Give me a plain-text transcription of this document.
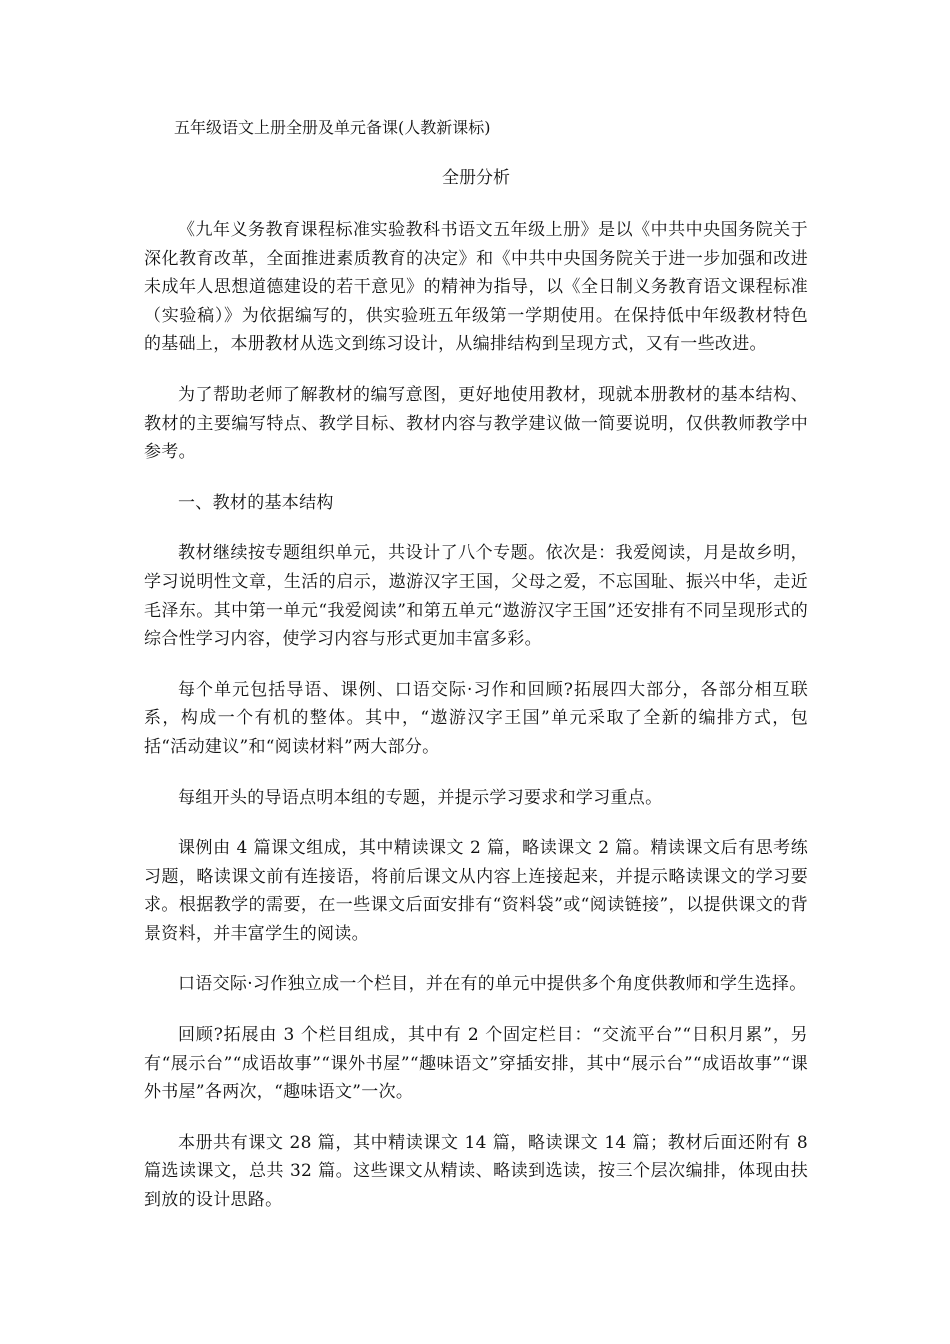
五年级语文上册全册及单元备课(人教新课标)
全册分析

《九年义务教育课程标准实验教科书语文五年级上册》是以《中共中央国务院关于深化教育改革，全面推进素质教育的决定》和《中共中央国务院关于进一步加强和改进未成年人思想道德建设的若干意见》的精神为指导，以《全日制义务教育语文课程标准（实验稿）》为依据编写的，供实验班五年级第一学期使用。在保持低中年级教材特色的基础上，本册教材从选文到练习设计，从编排结构到呈现方式，又有一些改进。

为了帮助老师了解教材的编写意图，更好地使用教材，现就本册教材的基本结构、教材的主要编写特点、教学目标、教材内容与教学建议做一简要说明，仅供教师教学中参考。

一、教材的基本结构

教材继续按专题组织单元，共设计了八个专题。依次是：我爱阅读，月是故乡明，学习说明性文章，生活的启示，遨游汉字王国，父母之爱，不忘国耻、振兴中华，走近毛泽东。其中第一单元“我爱阅读”和第五单元“遨游汉字王国”还安排有不同呈现形式的综合性学习内容，使学习内容与形式更加丰富多彩。

每个单元包括导语、课例、口语交际·习作和回顾?拓展四大部分，各部分相互联系，构成一个有机的整体。其中，“遨游汉字王国”单元采取了全新的编排方式，包括“活动建议”和“阅读材料”两大部分。

每组开头的导语点明本组的专题，并提示学习要求和学习重点。

课例由 4 篇课文组成，其中精读课文 2 篇，略读课文 2 篇。精读课文后有思考练习题，略读课文前有连接语，将前后课文从内容上连接起来，并提示略读课文的学习要求。根据教学的需要，在一些课文后面安排有“资料袋”或“阅读链接”，以提供课文的背景资料，并丰富学生的阅读。

口语交际·习作独立成一个栏目，并在有的单元中提供多个角度供教师和学生选择。

回顾?拓展由 3 个栏目组成，其中有 2 个固定栏目：“交流平台”“日积月累”，另有“展示台”“成语故事”“课外书屋”“趣味语文”穿插安排，其中“展示台”“成语故事”“课外书屋”各两次，“趣味语文”一次。

本册共有课文 28 篇，其中精读课文 14 篇，略读课文 14 篇；教材后面还附有 8 篇选读课文，总共 32 篇。这些课文从精读、略读到选读，按三个层次编排，体现由扶到放的设计思路。
